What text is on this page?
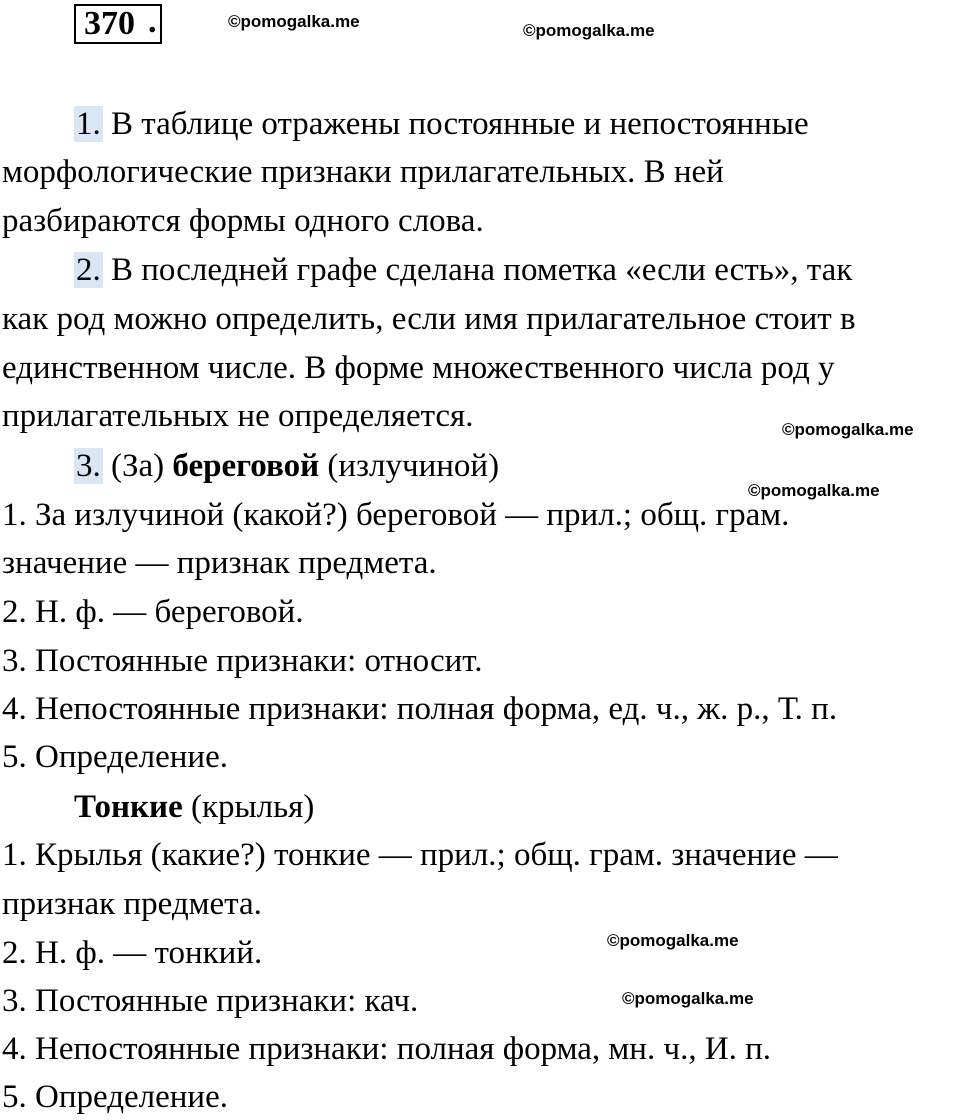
370 .	©pomogalka.me	©pomogalka.me
©pomogalka.me
©pomogalka.me
©pomogalka.me
©pomogalka.me
1. В таблице отражены постоянные и непостоянные
морфологические признаки прилагательных. В ней
разбираются формы одного слова.
2. В последней графе сделана пометка «если есть», так
как род можно определить, если имя прилагательное стоит в
единственном числе. В форме множественного числа род у
прилагательных не определяется.
3. (За) береговой (излучиной)
1. За излучиной (какой?) береговой — прил.; общ. грам.
значение — признак предмета.
2. Н. ф. — береговой.
3. Постоянные признаки: относит.
4. Непостоянные признаки: полная форма, ед. ч., ж. р., Т. п.
5. Определение.
Тонкие (крылья)
1. Крылья (какие?) тонкие — прил.; общ. грам. значение —
признак предмета.
2. Н. ф. — тонкий.
3. Постоянные признаки: кач.
4. Непостоянные признаки: полная форма, мн. ч., И. п.
5. Определение.
